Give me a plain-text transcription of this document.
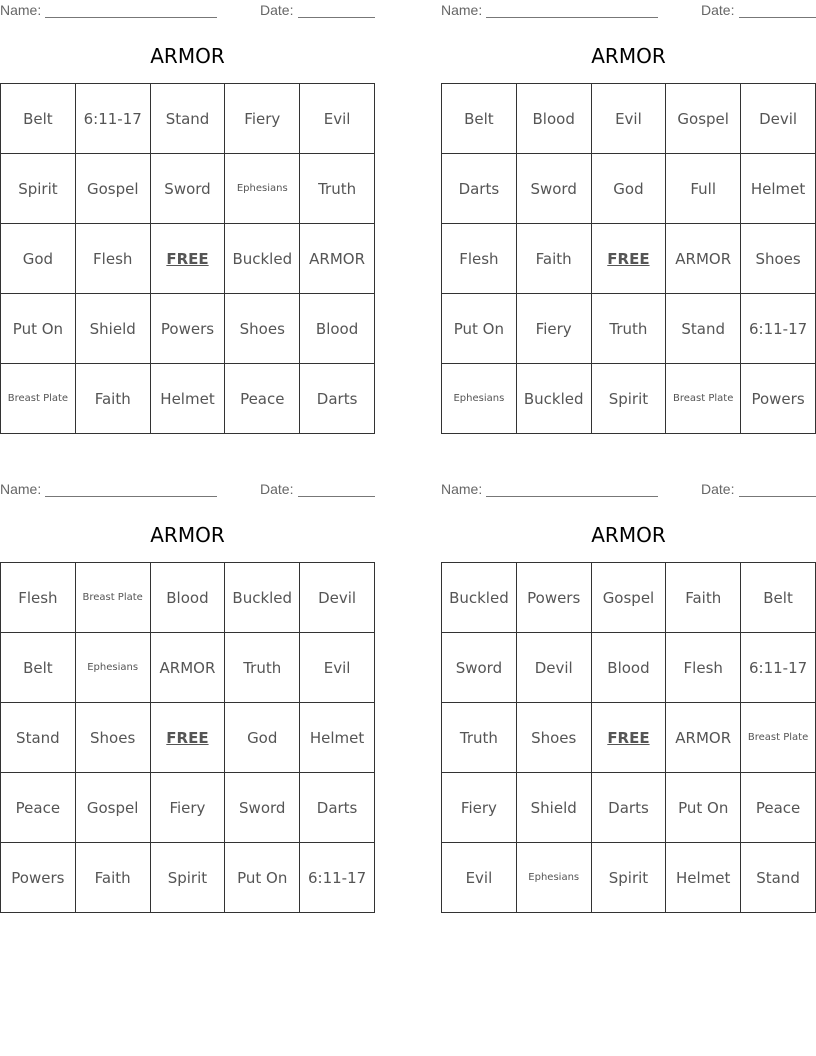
Name:	Date:
ARMOR
Belt	6:11-17	Stand	Fiery	Evil
Spirit	Gospel	Sword	Ephesians	Truth
God	Flesh	FREE	Buckled	ARMOR
Put On	Shield	Powers	Shoes	Blood
Breast Plate	Faith	Helmet	Peace	Darts
Name:	Date:
ARMOR
Belt	Blood	Evil	Gospel	Devil
Darts	Sword	God	Full	Helmet
Flesh	Faith	FREE	ARMOR	Shoes
Put On	Fiery	Truth	Stand	6:11-17
Ephesians	Buckled	Spirit	Breast Plate	Powers
Name:	Date:
ARMOR
Flesh	Breast Plate	Blood	Buckled	Devil
Belt	Ephesians	ARMOR	Truth	Evil
Stand	Shoes	FREE	God	Helmet
Peace	Gospel	Fiery	Sword	Darts
Powers	Faith	Spirit	Put On	6:11-17
Name:	Date:
ARMOR
Buckled	Powers	Gospel	Faith	Belt
Sword	Devil	Blood	Flesh	6:11-17
Truth	Shoes	FREE	ARMOR	Breast Plate
Fiery	Shield	Darts	Put On	Peace
Evil	Ephesians	Spirit	Helmet	Stand
